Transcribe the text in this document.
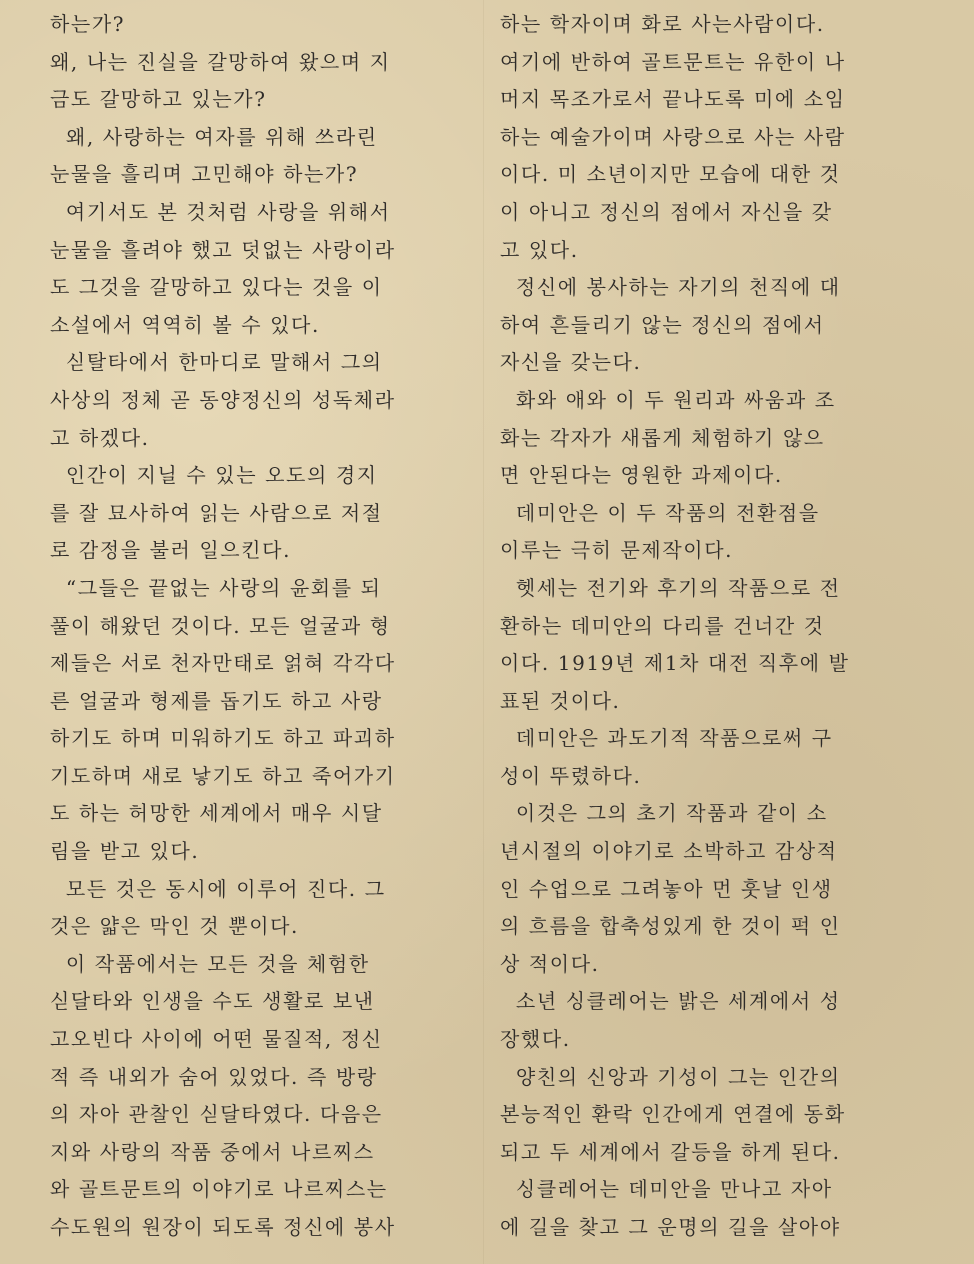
하는가?
왜, 나는 진실을 갈망하여 왔으며 지
금도 갈망하고 있는가?
왜, 사랑하는 여자를 위해 쓰라린
눈물을 흘리며 고민해야 하는가?
여기서도 본 것처럼 사랑을 위해서
눈물을 흘려야 했고 덧없는 사랑이라
도 그것을 갈망하고 있다는 것을 이
소설에서 역역히 볼 수 있다.
싣탈타에서 한마디로 말해서 그의
사상의 정체 곧 동양정신의 성독체라
고 하겠다.
인간이 지닐 수 있는 오도의 경지
를 잘 묘사하여 읽는 사람으로 저절
로 감정을 불러 일으킨다.
“그들은 끝없는 사랑의 윤회를 되
풀이 해왔던 것이다. 모든 얼굴과 형
제들은 서로 천자만태로 얽혀 각각다
른 얼굴과 형제를 돕기도 하고 사랑
하기도 하며 미워하기도 하고 파괴하
기도하며 새로 낳기도 하고 죽어가기
도 하는 허망한 세계에서 매우 시달
림을 받고 있다.
모든 것은 동시에 이루어 진다. 그
것은 얇은 막인 것 뿐이다.
이 작품에서는 모든 것을 체험한
싣달타와 인생을 수도 생활로 보낸
고오빈다 사이에 어떤 물질적, 정신
적 즉 내외가 숨어 있었다. 즉 방랑
의 자아 관찰인 싣달타였다. 다음은
지와 사랑의 작품 중에서 나르찌스
와 골트문트의 이야기로 나르찌스는
수도원의 원장이 되도록 정신에 봉사
하는 학자이며 화로 사는사람이다.
여기에 반하여 골트문트는 유한이 나
머지 목조가로서 끝나도록 미에 소임
하는 예술가이며 사랑으로 사는 사람
이다. 미 소년이지만 모습에 대한 것
이 아니고 정신의 점에서 자신을 갖
고 있다.
정신에 봉사하는 자기의 천직에 대
하여 흔들리기 않는 정신의 점에서
자신을 갖는다.
화와 애와 이 두 원리과 싸움과 조
화는 각자가 새롭게 체험하기 않으
면 안된다는 영원한 과제이다.
데미안은 이 두 작품의 전환점을
이루는 극히 문제작이다.
헷세는 전기와 후기의 작품으로 전
환하는 데미안의 다리를 건너간 것
이다. 1919년 제1차 대전 직후에 발
표된 것이다.
데미안은 과도기적 작품으로써 구
성이 뚜렸하다.
이것은 그의 초기 작품과 같이 소
년시절의 이야기로 소박하고 감상적
인 수업으로 그려놓아 먼 훗날 인생
의 흐름을 합축성있게 한 것이 퍽 인
상 적이다.
소년 싱클레어는 밝은 세계에서 성
장했다.
양친의 신앙과 기성이 그는 인간의
본능적인 환락 인간에게 연결에 동화
되고 두 세계에서 갈등을 하게 된다.
싱클레어는 데미안을 만나고 자아
에 길을 찾고 그 운명의 길을 살아야
